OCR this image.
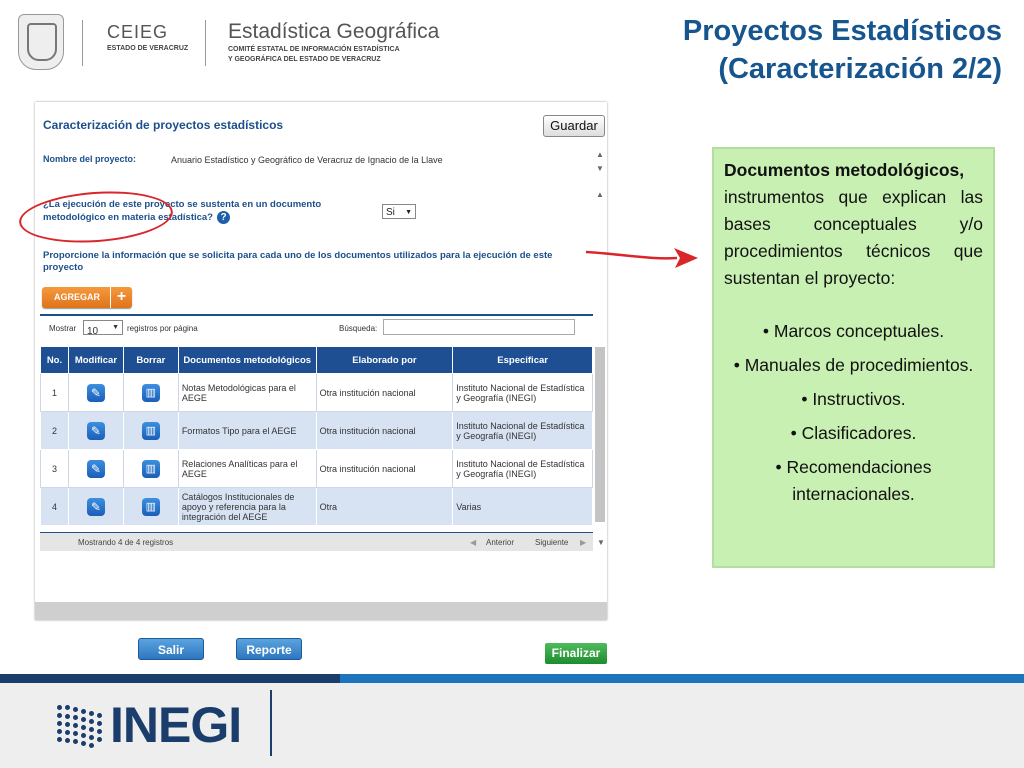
CEIEG
ESTADO DE VERACRUZ
Estadística Geográfica
COMITÉ ESTATAL DE INFORMACIÓN ESTADÍSTICA
Y GEOGRÁFICA DEL ESTADO DE VERACRUZ
Proyectos Estadísticos
(Caracterización 2/2)
Caracterización de proyectos estadísticos	Guardar
Nombre del proyecto:	Anuario Estadístico y Geográfico de Veracruz de Ignacio de la Llave
▲
▼
▲
¿La ejecución de este proyecto se sustenta en un documento metodológico en materia estadística? ?	Si ▼
Proporcione la información que se solicita para cada uno de los documentos utilizados para la ejecución de este proyecto
AGREGAR	+
Mostrar 10 ▼ registros por página	Búsqueda:
No.	Modificar	Borrar	Documentos metodológicos	Elaborado por	Especificar
1	✎	▥	Notas Metodológicas para el AEGE	Otra institución nacional	Instituto Nacional de Estadística y Geografía (INEGI)
2	✎	▥	Formatos Tipo para el AEGE	Otra institución nacional	Instituto Nacional de Estadística y Geografía (INEGI)
3	✎	▥	Relaciones Analíticas para el AEGE	Otra institución nacional	Instituto Nacional de Estadística y Geografía (INEGI)
4	✎	▥	Catálogos Institucionales de apoyo y referencia para la integración del AEGE	Otra	Varias
Mostrando 4 de 4 registros	◀ Anterior	Siguiente ▶ ▼
Salir	Reporte	Finalizar
Documentos metodológicos,
instrumentos que explican las bases conceptuales y/o procedimientos técnicos que sustentan el proyecto:
• Marcos conceptuales.
• Manuales de procedimientos.
• Instructivos.
• Clasificadores.
• Recomendaciones internacionales.
INEGI
